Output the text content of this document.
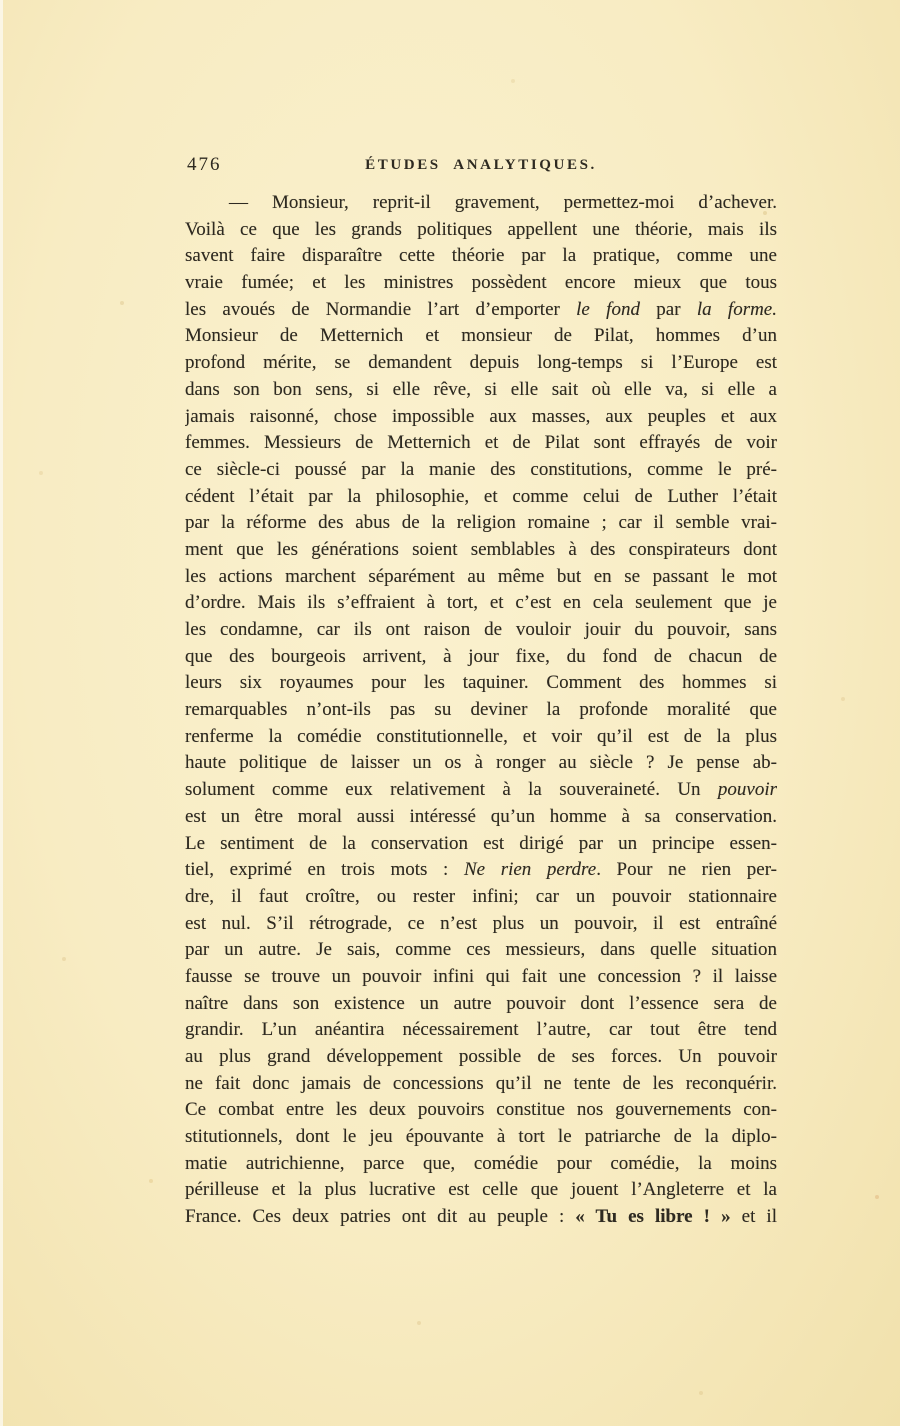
476	ÉTUDES ANALYTIQUES.
— Monsieur, reprit-il gravement, permettez-moi d’achever.
Voilà ce que les grands politiques appellent une théorie, mais ils
savent faire disparaître cette théorie par la pratique, comme une
vraie fumée; et les ministres possèdent encore mieux que tous
les avoués de Normandie l’art d’emporter le fond par la forme.
Monsieur de Metternich et monsieur de Pilat, hommes d’un
profond mérite, se demandent depuis long-temps si l’Europe est
dans son bon sens, si elle rêve, si elle sait où elle va, si elle a
jamais raisonné, chose impossible aux masses, aux peuples et aux
femmes. Messieurs de Metternich et de Pilat sont effrayés de voir
ce siècle-ci poussé par la manie des constitutions, comme le pré-
cédent l’était par la philosophie, et comme celui de Luther l’était
par la réforme des abus de la religion romaine ; car il semble vrai-
ment que les générations soient semblables à des conspirateurs dont
les actions marchent séparément au même but en se passant le mot
d’ordre. Mais ils s’effraient à tort, et c’est en cela seulement que je
les condamne, car ils ont raison de vouloir jouir du pouvoir, sans
que des bourgeois arrivent, à jour fixe, du fond de chacun de
leurs six royaumes pour les taquiner. Comment des hommes si
remarquables n’ont-ils pas su deviner la profonde moralité que
renferme la comédie constitutionnelle, et voir qu’il est de la plus
haute politique de laisser un os à ronger au siècle ? Je pense ab-
solument comme eux relativement à la souveraineté. Un pouvoir
est un être moral aussi intéressé qu’un homme à sa conservation.
Le sentiment de la conservation est dirigé par un principe essen-
tiel, exprimé en trois mots : Ne rien perdre. Pour ne rien per-
dre, il faut croître, ou rester infini; car un pouvoir stationnaire
est nul. S’il rétrograde, ce n’est plus un pouvoir, il est entraîné
par un autre. Je sais, comme ces messieurs, dans quelle situation
fausse se trouve un pouvoir infini qui fait une concession ? il laisse
naître dans son existence un autre pouvoir dont l’essence sera de
grandir. L’un anéantira nécessairement l’autre, car tout être tend
au plus grand développement possible de ses forces. Un pouvoir
ne fait donc jamais de concessions qu’il ne tente de les reconquérir.
Ce combat entre les deux pouvoirs constitue nos gouvernements con-
stitutionnels, dont le jeu épouvante à tort le patriarche de la diplo-
matie autrichienne, parce que, comédie pour comédie, la moins
périlleuse et la plus lucrative est celle que jouent l’Angleterre et la
France. Ces deux patries ont dit au peuple : « Tu es libre ! » et il
